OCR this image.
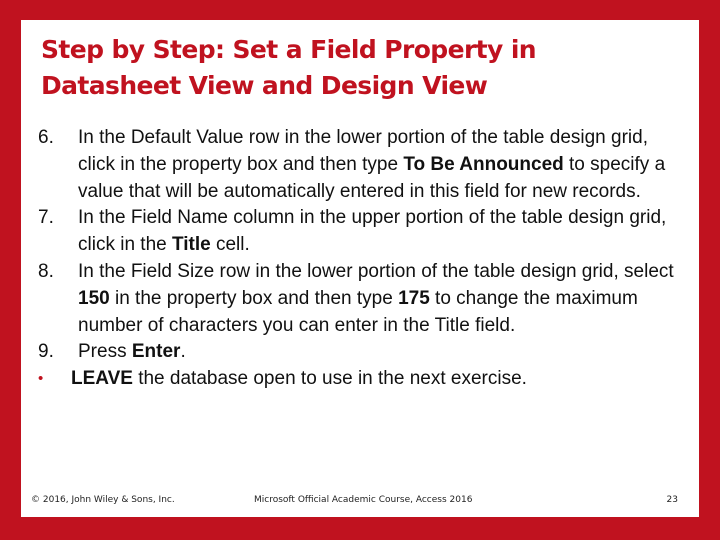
Step by Step: Set a Field Property in
Datasheet View and Design View
6. In the Default Value row in the lower portion of the table design grid, click in the property box and then type To Be Announced to specify a value that will be automatically entered in this field for new records.
7. In the Field Name column in the upper portion of the table design grid, click in the Title cell.
8. In the Field Size row in the lower portion of the table design grid, select 150 in the property box and then type 175 to change the maximum number of characters you can enter in the Title field.
9. Press Enter.
• LEAVE the database open to use in the next exercise.
© 2016, John Wiley & Sons, Inc.	Microsoft Official Academic Course, Access 2016	23
